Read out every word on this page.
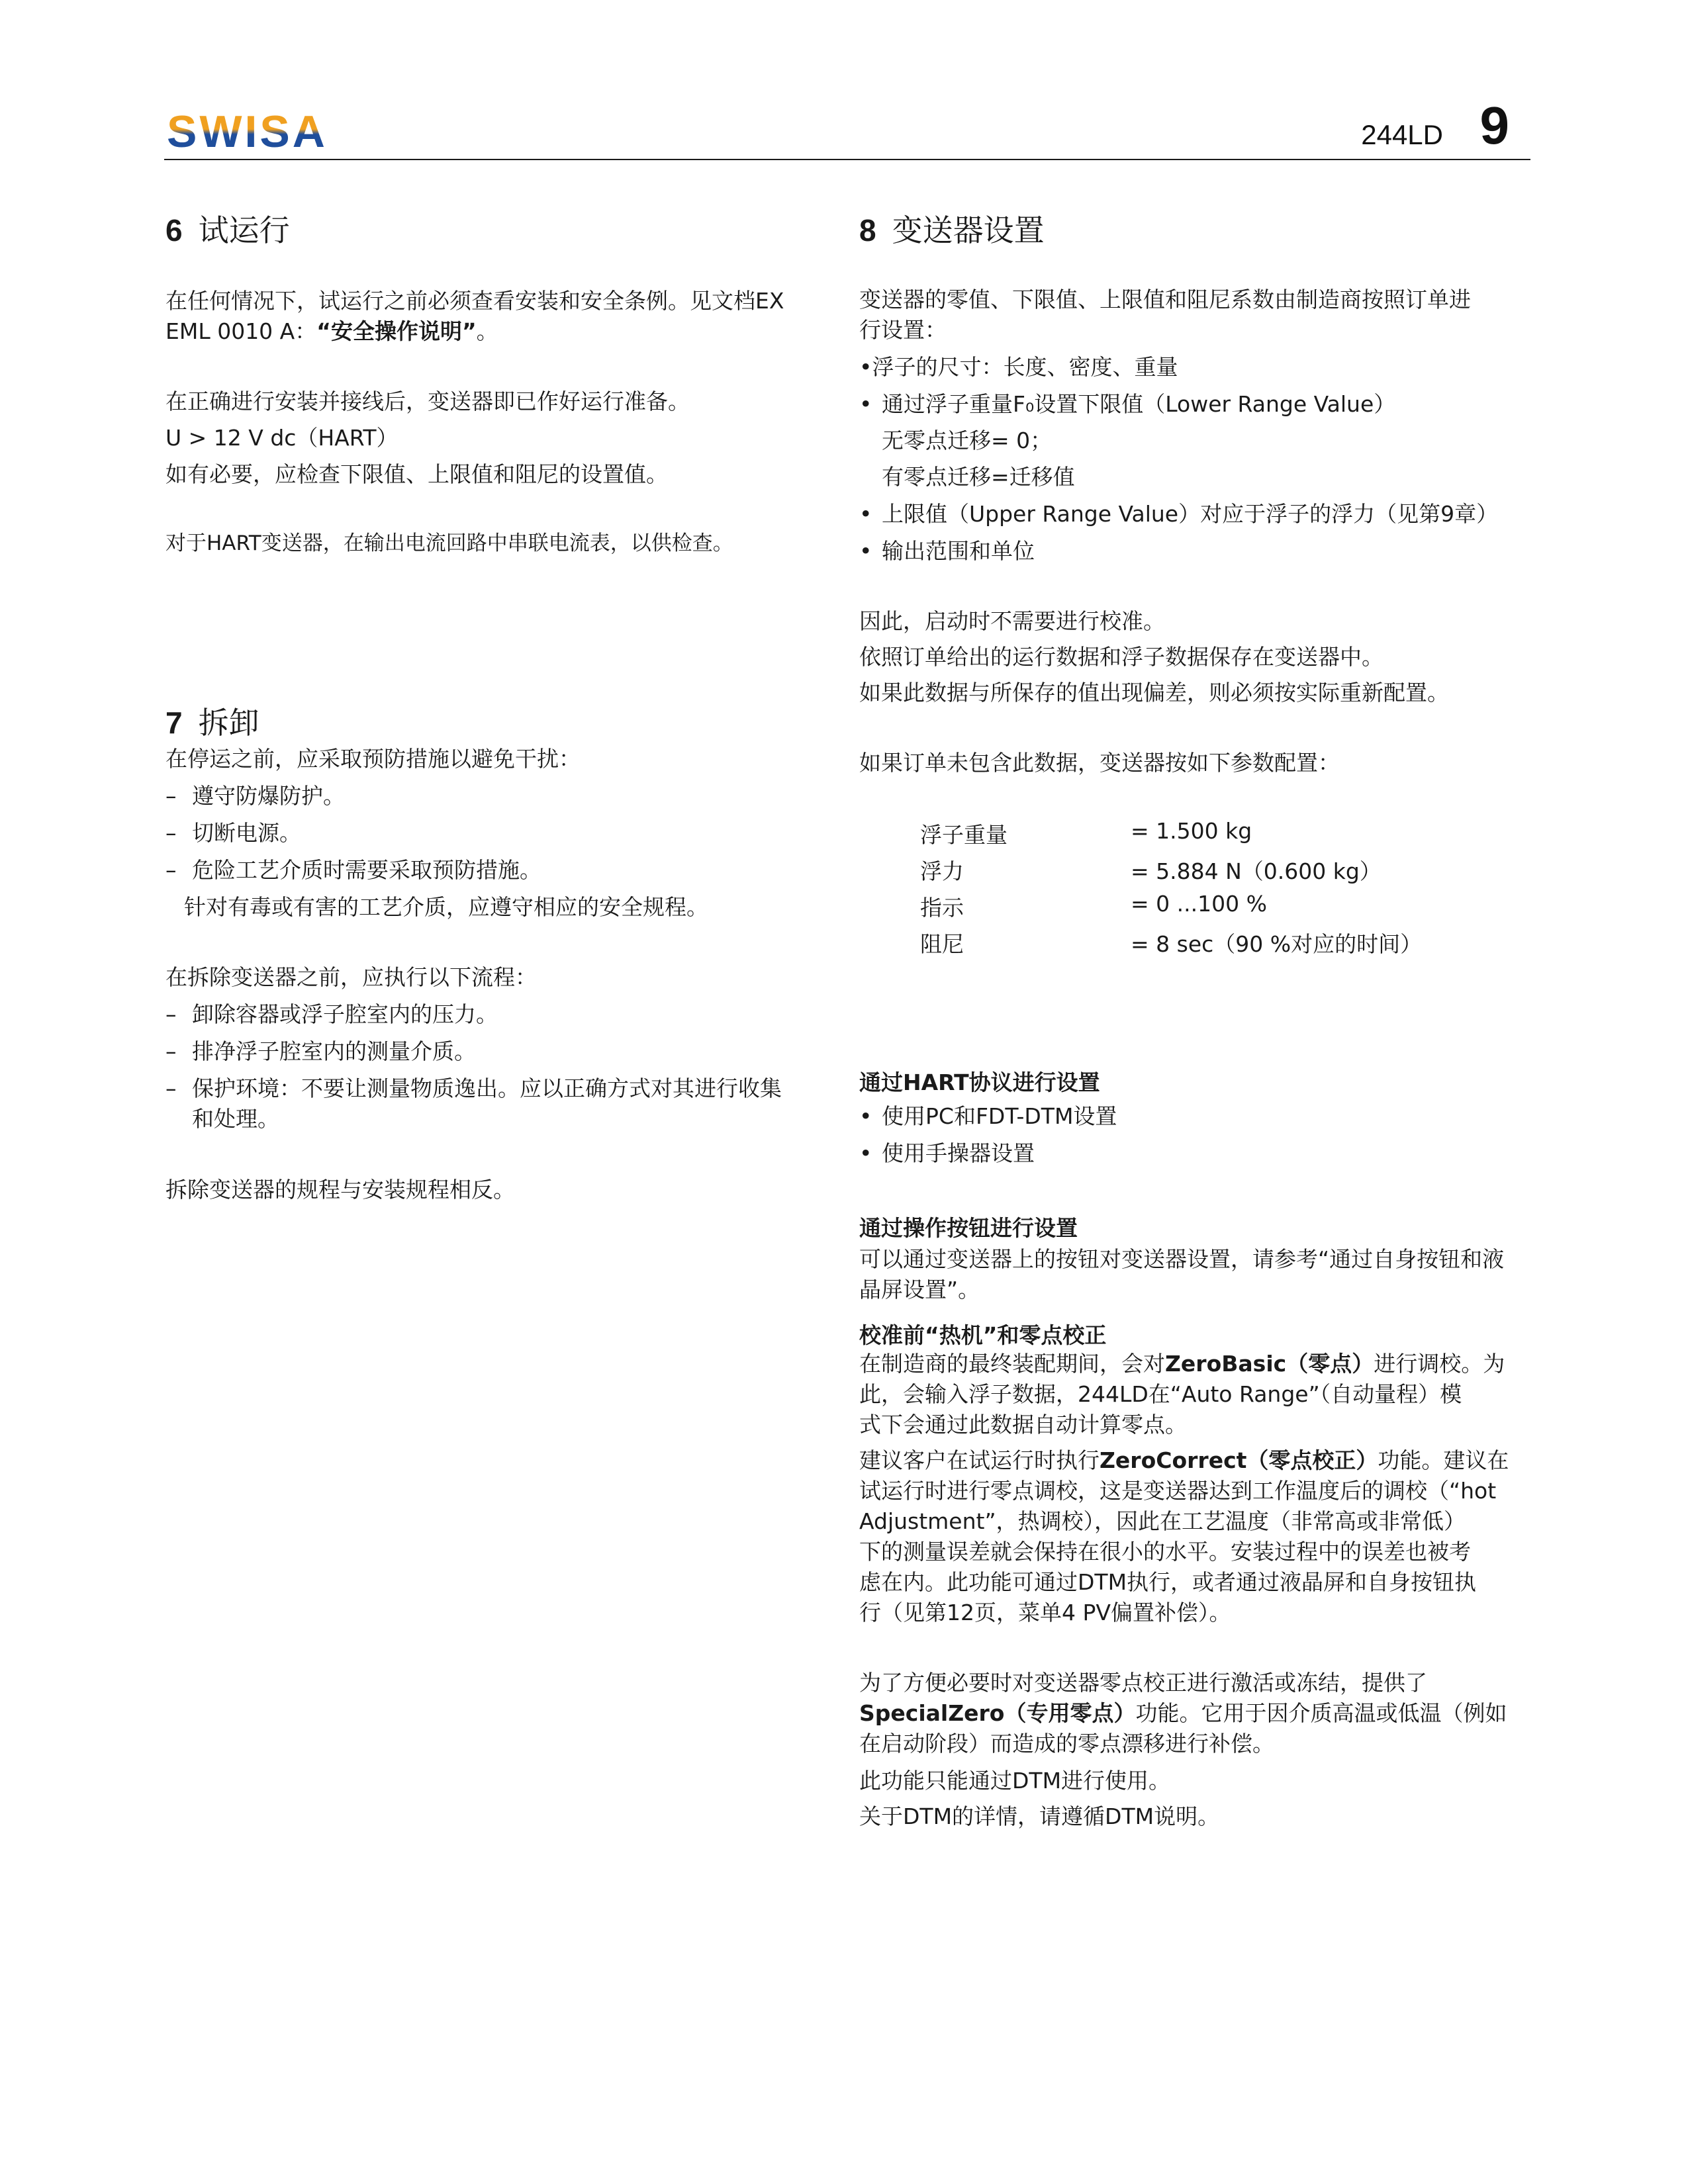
SWISA	244LD 9
6 试运行
在任何情况下，试运行之前必须查看安装和安全条例。见文档EX
EML 0010 A：“安全操作说明”。
在正确进行安装并接线后，变送器即已作好运行准备。
U > 12 V dc（HART）
如有必要，应检查下限值、上限值和阻尼的设置值。
对于HART变送器，在输出电流回路中串联电流表，以供检查。
7 拆卸
在停运之前，应采取预防措施以避免干扰：
– 遵守防爆防护。
– 切断电源。
– 危险工艺介质时需要采取预防措施。
针对有毒或有害的工艺介质，应遵守相应的安全规程。
在拆除变送器之前，应执行以下流程：
– 卸除容器或浮子腔室内的压力。
– 排净浮子腔室内的测量介质。
– 保护环境：不要让测量物质逸出。应以正确方式对其进行收集
和处理。
拆除变送器的规程与安装规程相反。
8 变送器设置
变送器的零值、下限值、上限值和阻尼系数由制造商按照订单进
行设置：
•浮子的尺寸：长度、密度、重量
• 通过浮子重量F₀设置下限值（Lower Range Value）
无零点迁移= 0；
有零点迁移=迁移值
• 上限值（Upper Range Value）对应于浮子的浮力（见第9章）
• 输出范围和单位
因此，启动时不需要进行校准。
依照订单给出的运行数据和浮子数据保存在变送器中。
如果此数据与所保存的值出现偏差，则必须按实际重新配置。
如果订单未包含此数据，变送器按如下参数配置：
浮子重量	= 1.500 kg
浮力	= 5.884 N（0.600 kg）
指示	= 0 ...100 %
阻尼	= 8 sec（90 %对应的时间）
通过HART协议进行设置
• 使用PC和FDT-DTM设置
• 使用手操器设置
通过操作按钮进行设置
可以通过变送器上的按钮对变送器设置，请参考“通过自身按钮和液
晶屏设置”。
校准前“热机”和零点校正
在制造商的最终装配期间，会对ZeroBasic（零点）进行调校。为
此，会输入浮子数据，244LD在“Auto Range”（自动量程）模
式下会通过此数据自动计算零点。
建议客户在试运行时执行ZeroCorrect（零点校正）功能。建议在
试运行时进行零点调校，这是变送器达到工作温度后的调校（“hot
Adjustment”，热调校），因此在工艺温度（非常高或非常低）
下的测量误差就会保持在很小的水平。安装过程中的误差也被考
虑在内。此功能可通过DTM执行，或者通过液晶屏和自身按钮执
行（见第12页，菜单4 PV偏置补偿）。
为了方便必要时对变送器零点校正进行激活或冻结，提供了
SpecialZero（专用零点）功能。它用于因介质高温或低温（例如
在启动阶段）而造成的零点漂移进行补偿。
此功能只能通过DTM进行使用。
关于DTM的详情，请遵循DTM说明。
